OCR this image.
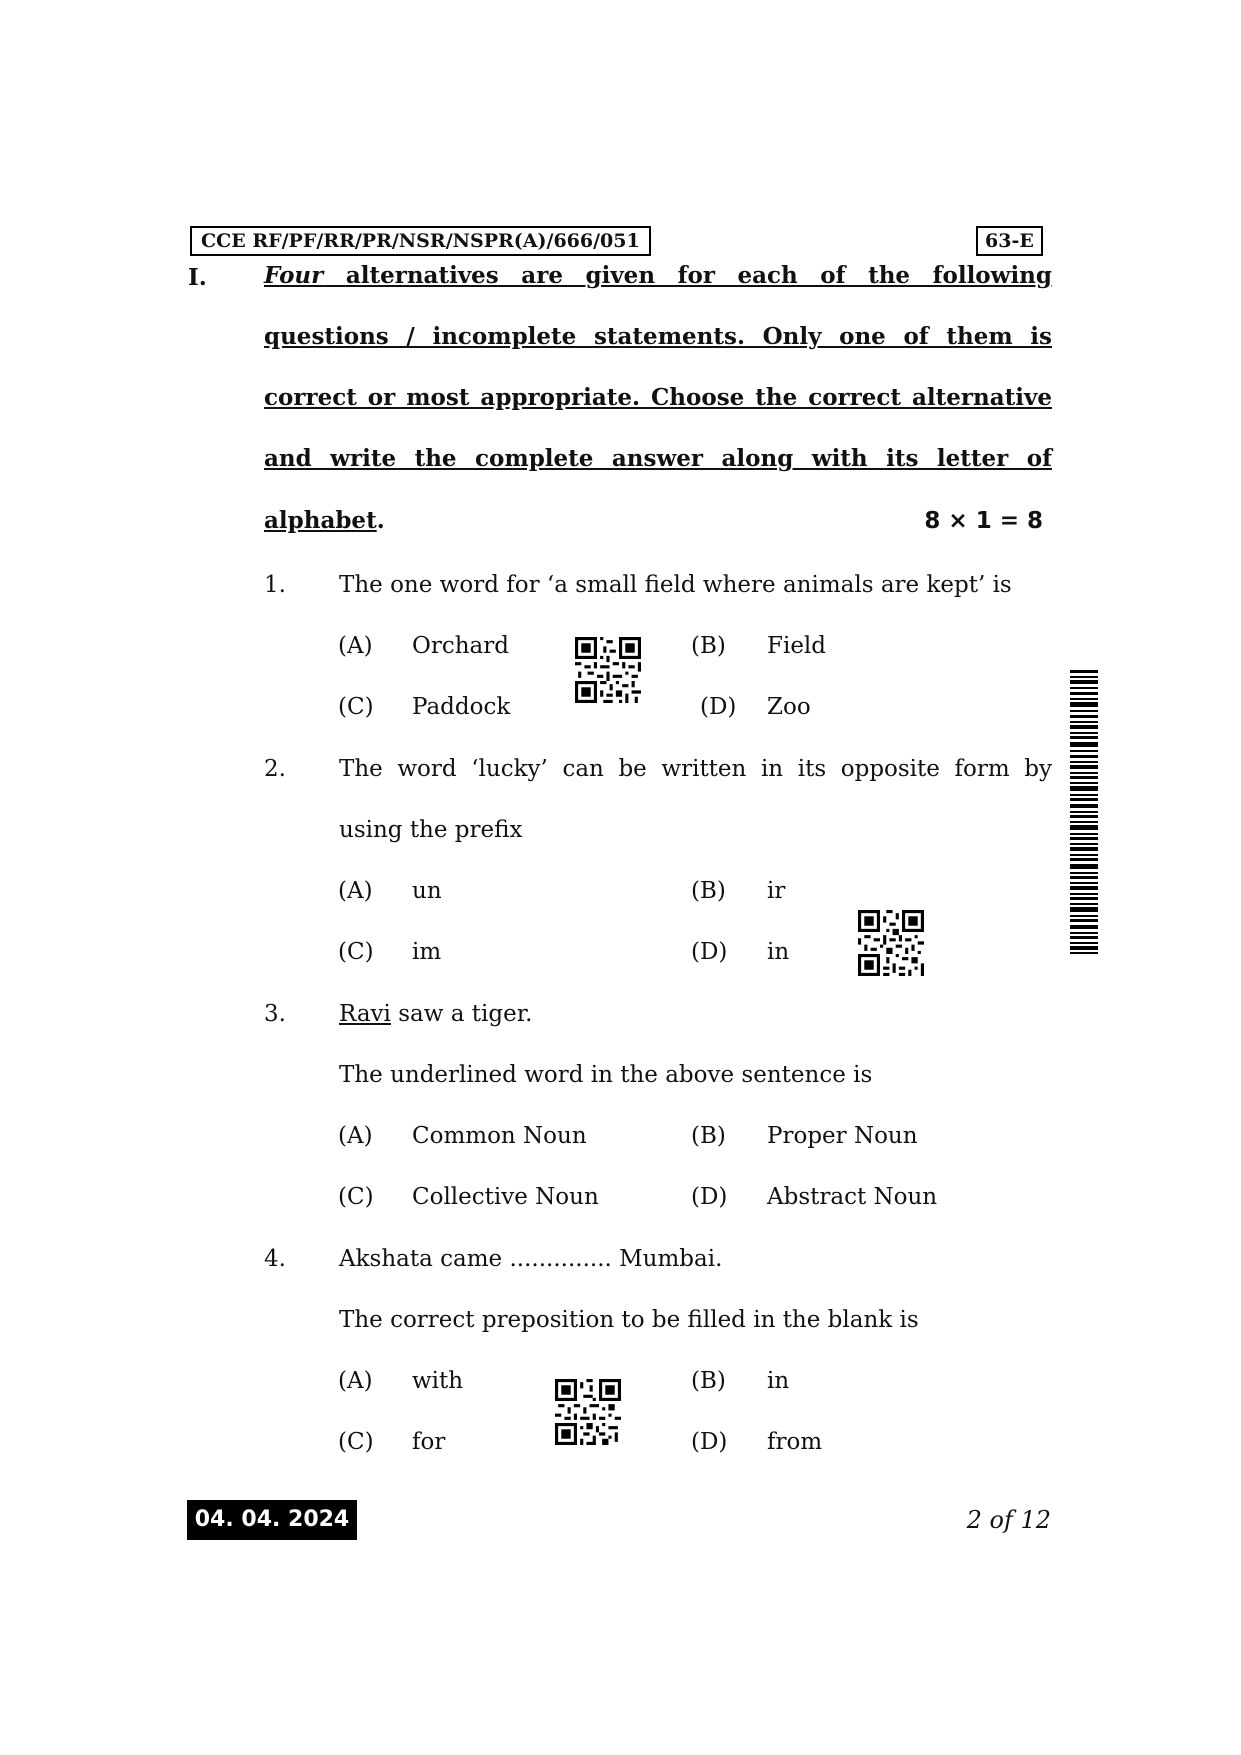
CCE RF/PF/RR/PR/NSR/NSPR(A)/666/051	63-E
I. Four alternatives are given for each of the following
questions / incomplete statements. Only one of them is
correct or most appropriate. Choose the correct alternative
and write the complete answer along with its letter of
alphabet.	8 × 1 = 8
1. The one word for ‘a small field where animals are kept’ is
(A) Orchard	(B) Field
(C) Paddock	(D) Zoo
2. The word ‘lucky’ can be written in its opposite form by
using the prefix
(A) un	(B) ir
(C) im	(D) in
3. Ravi saw a tiger.
The underlined word in the above sentence is
(A) Common Noun	(B) Proper Noun
(C) Collective Noun	(D) Abstract Noun
4. Akshata came .............. Mumbai.
The correct preposition to be filled in the blank is
(A) with	(B) in
(C) for	(D) from
04. 04. 2024	2 of 12
